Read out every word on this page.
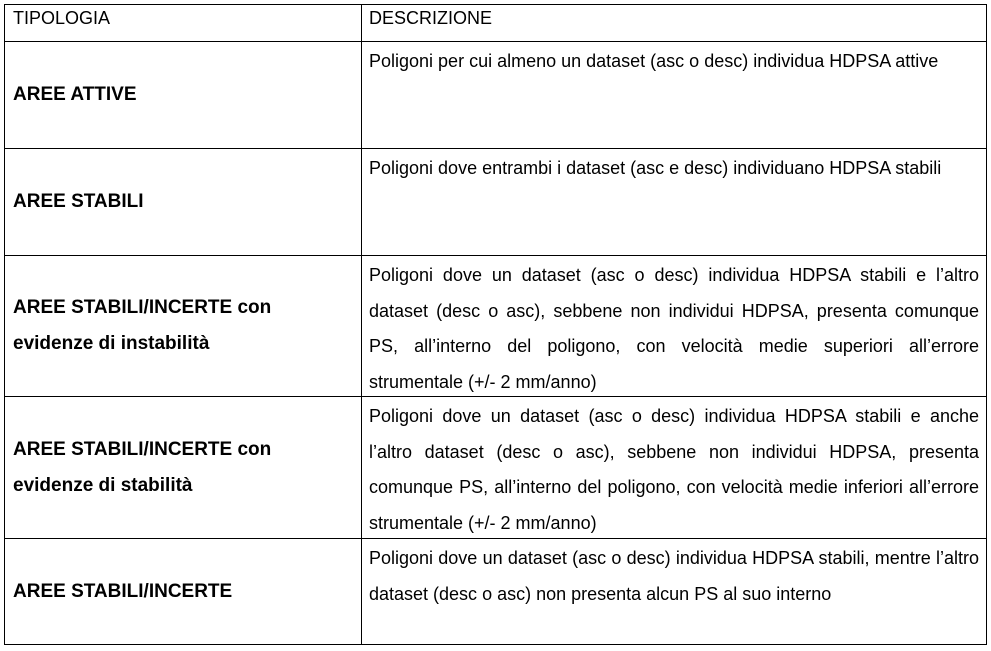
TIPOLOGIA	DESCRIZIONE
AREE ATTIVE
Poligoni per cui almeno un dataset (asc o desc) individua HDPSA attive
AREE STABILI
Poligoni dove entrambi i dataset (asc e desc) individuano HDPSA stabili
AREE STABILI/INCERTE con evidenze di instabilità
Poligoni dove un dataset (asc o desc) individua HDPSA stabili e l’altro dataset (desc o asc), sebbene non individui HDPSA, presenta comunque PS, all’interno del poligono, con velocità medie superiori all’errore strumentale (+/- 2 mm/anno)
AREE STABILI/INCERTE con evidenze di stabilità
Poligoni dove un dataset (asc o desc) individua HDPSA stabili e anche l’altro dataset (desc o asc), sebbene non individui HDPSA, presenta comunque PS, all’interno del poligono, con velocità medie inferiori all’errore strumentale (+/- 2 mm/anno)
AREE STABILI/INCERTE
Poligoni dove un dataset (asc o desc) individua HDPSA stabili, mentre l’altro dataset (desc o asc) non presenta alcun PS al suo interno
